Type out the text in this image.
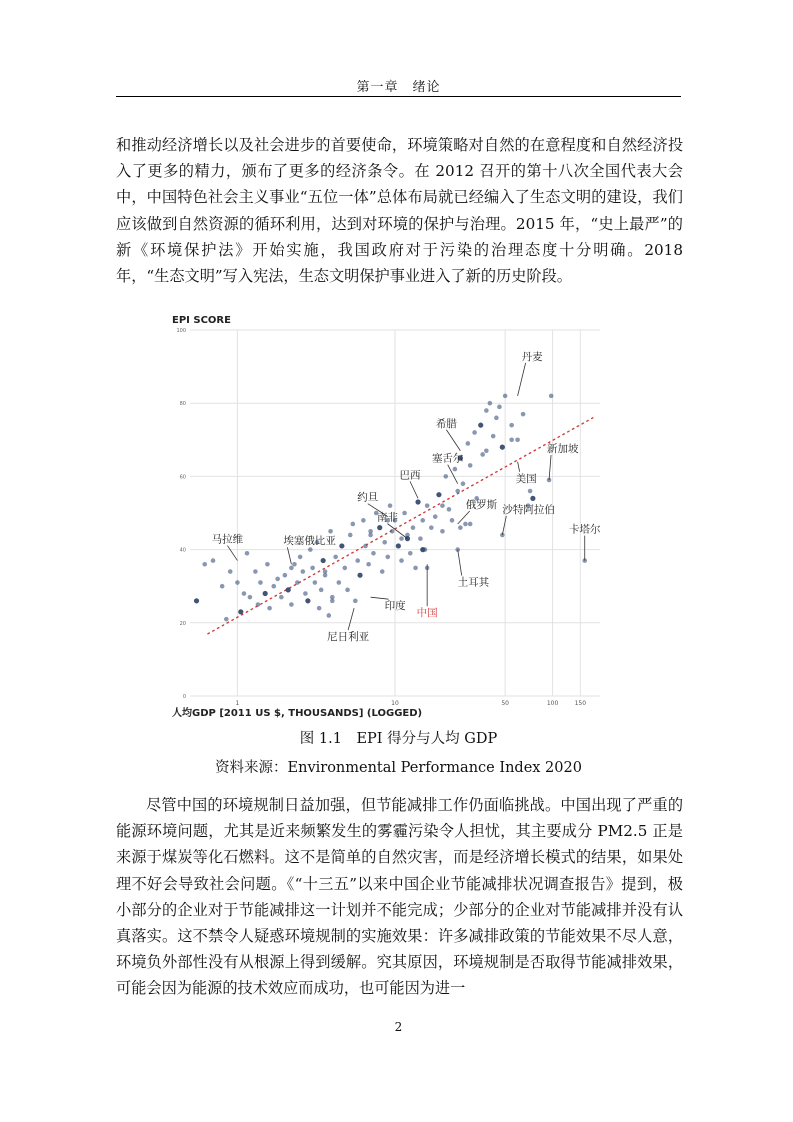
第一章　绪论

和推动经济增长以及社会进步的首要使命，环境策略对自然的在意程度和自然经济投入了更多的精力，颁布了更多的经济条令。在 2012 召开的第十八次全国代表大会中，中国特色社会主义事业“五位一体”总体布局就已经编入了生态文明的建设，我们应该做到自然资源的循环利用，达到对环境的保护与治理。2015 年，“史上最严”的新《环境保护法》开始实施，我国政府对于污染的治理态度十分明确。2018 年，“生态文明”写入宪法，生态文明保护事业进入了新的历史阶段。

丹麦
希腊
塞舌尔
美国
新加坡
巴西
约旦
俄罗斯
南非
马拉维	埃塞俄比亚
沙特阿拉伯
卡塔尔
土耳其
印度
中国
尼日利亚
0
20
40
60
80
100
1	10	50	100	150
EPI SCORE
人均GDP [2011 US $, THOUSANDS] (LOGGED)
图 1.1　EPI 得分与人均 GDP
资料来源：Environmental Performance Index 2020

尽管中国的环境规制日益加强，但节能减排工作仍面临挑战。中国出现了严重的能源环境问题，尤其是近来频繁发生的雾霾污染令人担忧，其主要成分 PM2.5 正是来源于煤炭等化石燃料。这不是简单的自然灾害，而是经济增长模式的结果，如果处理不好会导致社会问题。《“十三五”以来中国企业节能减排状况调查报告》提到，极小部分的企业对于节能减排这一计划并不能完成；少部分的企业对节能减排并没有认真落实。这不禁令人疑惑环境规制的实施效果：许多减排政策的节能效果不尽人意，环境负外部性没有从根源上得到缓解。究其原因，环境规制是否取得节能减排效果，可能会因为能源的技术效应而成功，也可能因为进一

2
